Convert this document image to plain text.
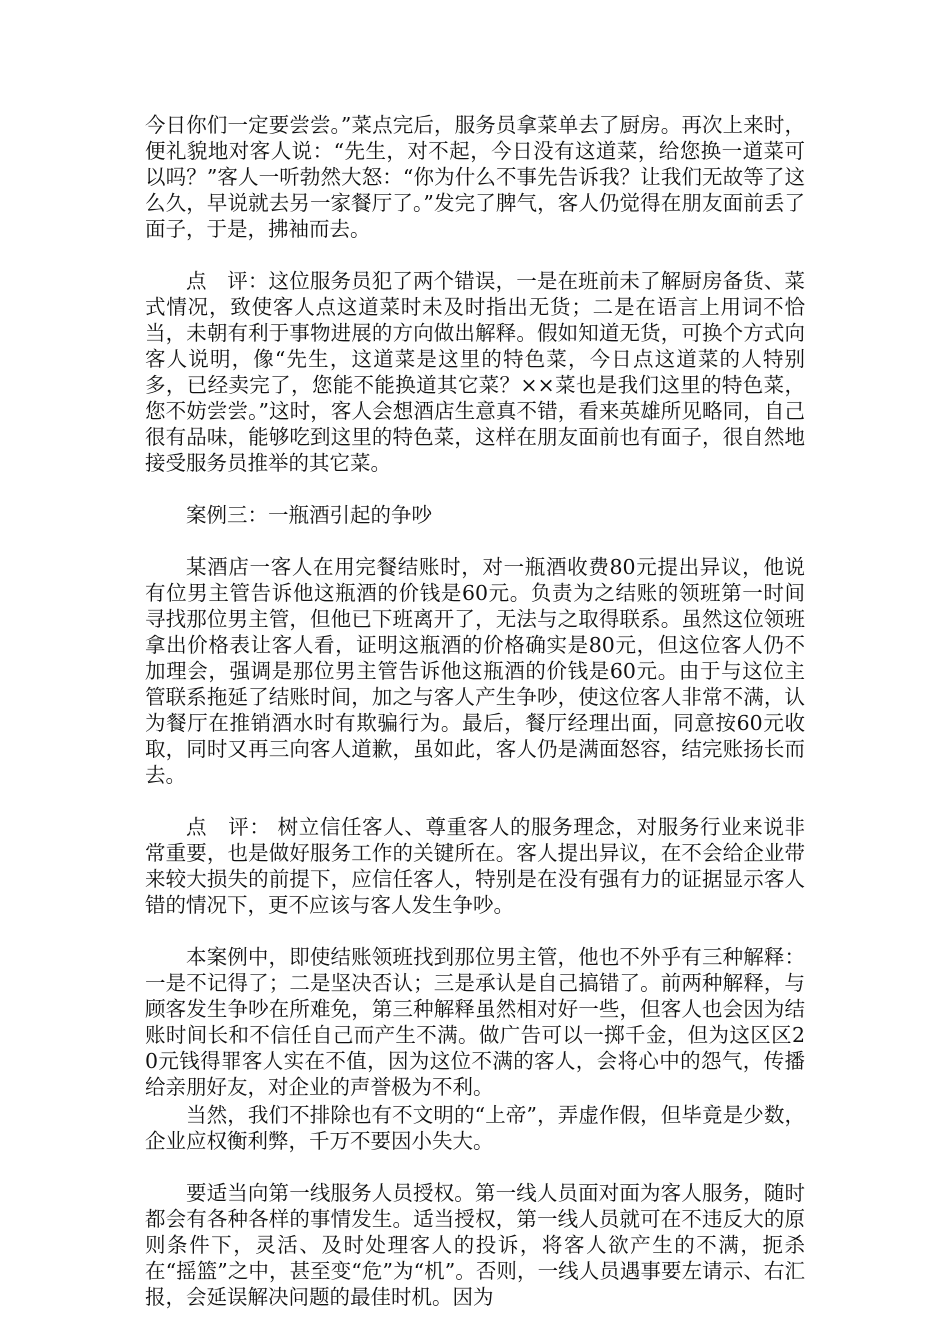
今日你们一定要尝尝。”菜点完后，服务员拿菜单去了厨房。再次上来时，便礼貌地对客人说：“先生，对不起，今日没有这道菜，给您换一道菜可以吗？”客人一听勃然大怒：“你为什么不事先告诉我？让我们无故等了这么久，早说就去另一家餐厅了。”发完了脾气，客人仍觉得在朋友面前丢了面子，于是，拂袖而去。

点　评：这位服务员犯了两个错误，一是在班前未了解厨房备货、菜式情况，致使客人点这道菜时未及时指出无货；二是在语言上用词不恰当，未朝有利于事物进展的方向做出解释。假如知道无货，可换个方式向客人说明，像“先生，这道菜是这里的特色菜，今日点这道菜的人特别多，已经卖完了，您能不能换道其它菜？××菜也是我们这里的特色菜，您不妨尝尝。”这时，客人会想酒店生意真不错，看来英雄所见略同，自己很有品味，能够吃到这里的特色菜，这样在朋友面前也有面子，很自然地接受服务员推举的其它菜。

案例三：一瓶酒引起的争吵

某酒店一客人在用完餐结账时，对一瓶酒收费80元提出异议，他说有位男主管告诉他这瓶酒的价钱是60元。负责为之结账的领班第一时间寻找那位男主管，但他已下班离开了，无法与之取得联系。虽然这位领班拿出价格表让客人看，证明这瓶酒的价格确实是80元，但这位客人仍不加理会，强调是那位男主管告诉他这瓶酒的价钱是60元。由于与这位主管联系拖延了结账时间，加之与客人产生争吵，使这位客人非常不满，认为餐厅在推销酒水时有欺骗行为。最后，餐厅经理出面，同意按60元收取，同时又再三向客人道歉，虽如此，客人仍是满面怒容，结完账扬长而去。

点　评： 树立信任客人、尊重客人的服务理念，对服务行业来说非常重要，也是做好服务工作的关键所在。客人提出异议，在不会给企业带来较大损失的前提下，应信任客人，特别是在没有强有力的证据显示客人错的情况下，更不应该与客人发生争吵。

本案例中，即使结账领班找到那位男主管，他也不外乎有三种解释：一是不记得了；二是坚决否认；三是承认是自己搞错了。前两种解释，与顾客发生争吵在所难免，第三种解释虽然相对好一些，但客人也会因为结账时间长和不信任自己而产生不满。做广告可以一掷千金，但为这区区20元钱得罪客人实在不值，因为这位不满的客人，会将心中的怨气，传播给亲朋好友，对企业的声誉极为不利。

当然，我们不排除也有不文明的“上帝”，弄虚作假，但毕竟是少数，企业应权衡利弊，千万不要因小失大。

要适当向第一线服务人员授权。第一线人员面对面为客人服务，随时都会有各种各样的事情发生。适当授权，第一线人员就可在不违反大的原则条件下，灵活、及时处理客人的投诉，将客人欲产生的不满，扼杀在“摇篮”之中，甚至变“危”为“机”。否则，一线人员遇事要左请示、右汇报，会延误解决问题的最佳时机。因为
